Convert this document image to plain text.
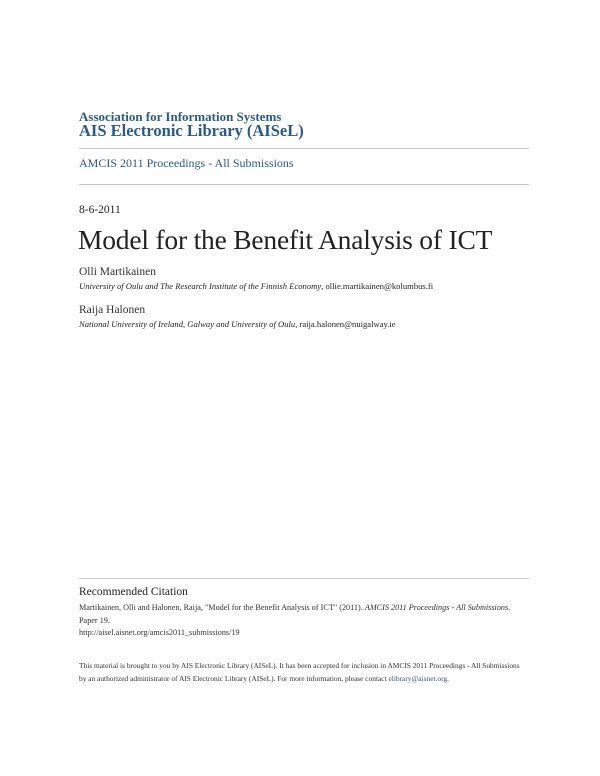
Association for Information Systems
AIS Electronic Library (AISeL)
AMCIS 2011 Proceedings - All Submissions
8-6-2011
Model for the Benefit Analysis of ICT
Olli Martikainen
University of Oulu and The Research Institute of the Finnish Economy, ollie.martikainen@kolumbus.fi
Raija Halonen
National University of Ireland, Galway and University of Oulu, raija.halonen@nuigalway.ie
Recommended Citation
Martikainen, Olli and Halonen, Raija, "Model for the Benefit Analysis of ICT" (2011). AMCIS 2011 Proceedings - All Submissions.
Paper 19.
http://aisel.aisnet.org/amcis2011_submissions/19
This material is brought to you by AIS Electronic Library (AISeL). It has been accepted for inclusion in AMCIS 2011 Proceedings - All Submissions
by an authorized administrator of AIS Electronic Library (AISeL). For more information, please contact elibrary@aisnet.org.
